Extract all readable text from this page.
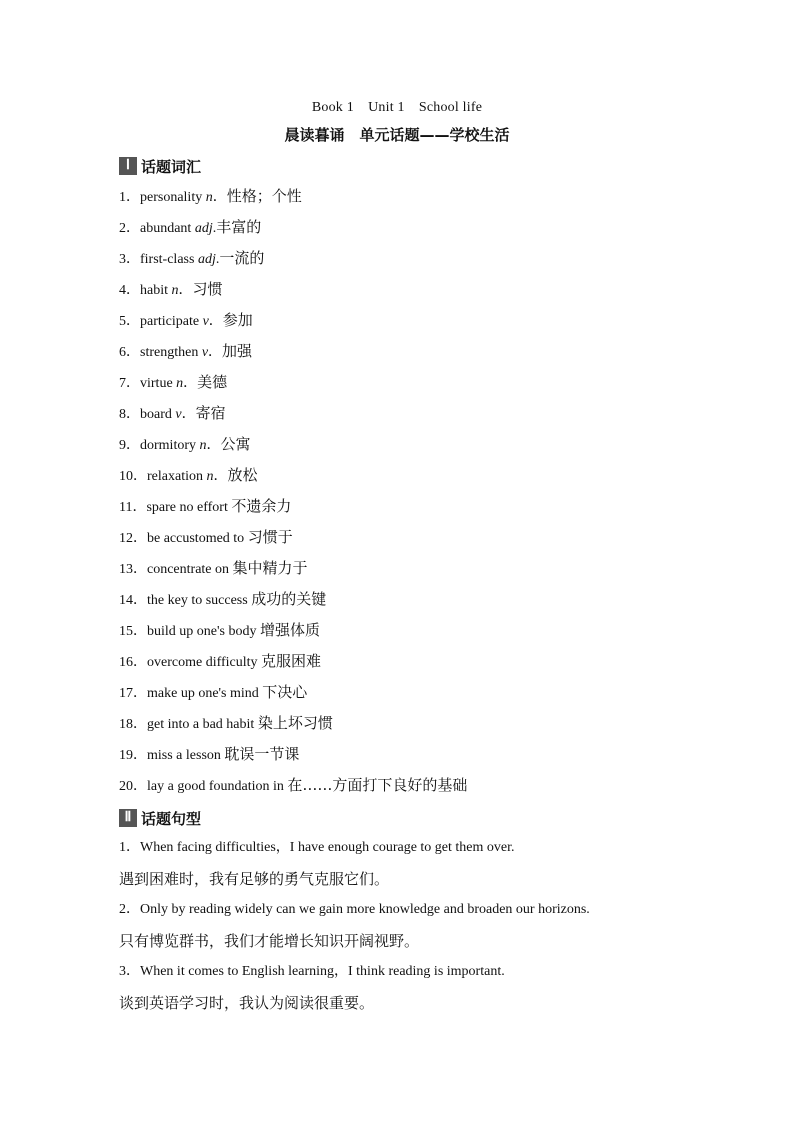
Book 1　Unit 1　School life
晨读暮诵　单元话题——学校生活
Ⅰ 话题词汇
1．personality n．性格；个性
2．abundant adj.丰富的
3．first-class adj.一流的
4．habit n．习惯
5．participate v．参加
6．strengthen v．加强
7．virtue n．美德
8．board v．寄宿
9．dormitory n．公寓
10．relaxation n．放松
11．spare no effort 不遗余力
12．be accustomed to 习惯于
13．concentrate on 集中精力于
14．the key to success 成功的关键
15．build up one's body 增强体质
16．overcome difficulty 克服困难
17．make up one's mind 下决心
18．get into a bad habit 染上坏习惯
19．miss a lesson 耽误一节课
20．lay a good foundation in 在……方面打下良好的基础
Ⅱ 话题句型
1．When facing difficulties，I have enough courage to get them over.
遇到困难时，我有足够的勇气克服它们。
2．Only by reading widely can we gain more knowledge and broaden our horizons.
只有博览群书，我们才能增长知识开阔视野。
3．When it comes to English learning，I think reading is important.
谈到英语学习时，我认为阅读很重要。
